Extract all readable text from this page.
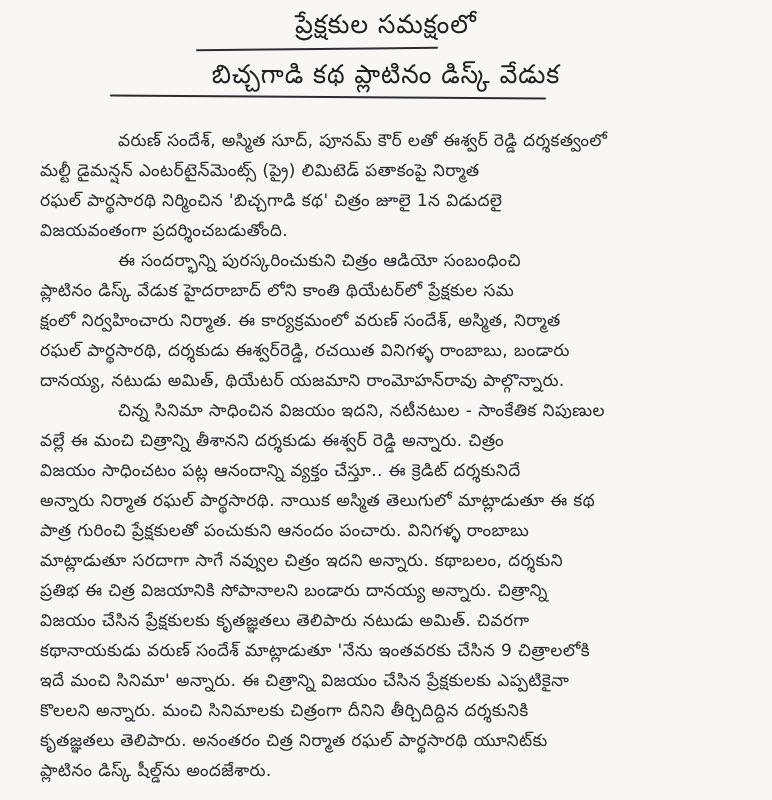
ప్రేక్షకుల సమక్షంలో
బిచ్చగాడి కథ ప్లాటినం డిస్క్ వేడుక
వరుణ్ సందేశ్, అస్మిత సూద్, పూనమ్ కౌర్ లతో ఈశ్వర్ రెడ్డి దర్శకత్వంలో
మల్టీ డైమన్షన్ ఎంటర్‌టైన్‌మెంట్స్ (ప్రై) లిమిటెడ్ పతాకంపై నిర్మాత
రఘల్ పార్థసారథి నిర్మించిన 'బిచ్చగాడి కథ' చిత్రం జూలై 1న విడుదలై
విజయవంతంగా ప్రదర్శించబడుతోంది.
ఈ సందర్భాన్ని పురస్కరించుకుని చిత్రం ఆడియో సంబంధించి
ప్లాటినం డిస్క్ వేడుక హైదరాబాద్ లోని కాంతి థియేటర్‌లో ప్రేక్షకుల సమ
క్షంలో నిర్వహించారు నిర్మాత. ఈ కార్యక్రమంలో వరుణ్ సందేశ్, అస్మిత, నిర్మాత
రఘల్ పార్థసారథి, దర్శకుడు ఈశ్వర్‌రెడ్డి, రచయిత వినిగళ్ళ రాంబాబు, బండారు
దానయ్య, నటుడు అమిత్, థియేటర్ యజమాని రాంమోహన్‌రావు పాల్గొన్నారు.
చిన్న సినిమా సాధించిన విజయం ఇదని, నటీనటుల - సాంకేతిక నిపుణుల
వల్లే ఈ మంచి చిత్రాన్ని తీశానని దర్శకుడు ఈశ్వర్ రెడ్డి అన్నారు. చిత్రం
విజయం సాధించటం పట్ల ఆనందాన్ని వ్యక్తం చేస్తూ.. ఈ క్రెడిట్ దర్శకునిదే
అన్నారు నిర్మాత రఘల్ పార్థసారథి. నాయిక అస్మిత తెలుగులో మాట్లాడుతూ ఈ కథ
పాత్ర గురించి ప్రేక్షకులతో పంచుకుని ఆనందం పంచారు. వినిగళ్ళ రాంబాబు
మాట్లాడుతూ సరదాగా సాగే నవ్వుల చిత్రం ఇదని అన్నారు. కథాబలం, దర్శకుని
ప్రతిభ ఈ చిత్ర విజయానికి సోపానాలని బండారు దానయ్య అన్నారు. చిత్రాన్ని
విజయం చేసిన ప్రేక్షకులకు కృతజ్ఞతలు తెలిపారు నటుడు అమిత్. చివరగా
కథానాయకుడు వరుణ్ సందేశ్ మాట్లాడుతూ 'నేను ఇంతవరకు చేసిన 9 చిత్రాలలోకి
ఇదే మంచి సినిమా' అన్నారు. ఈ చిత్రాన్ని విజయం చేసిన ప్రేక్షకులకు ఎప్పటికైనా
కొలలని అన్నారు. మంచి సినిమాలకు చిత్రంగా దీనిని తీర్చిదిద్దిన దర్శకునికి
కృతజ్ఞతలు తెలిపారు. అనంతరం చిత్ర నిర్మాత రఘల్ పార్థసారథి యూనిట్‌కు
ప్లాటినం డిస్క్ షీల్డ్‌ను అందజేశారు.
